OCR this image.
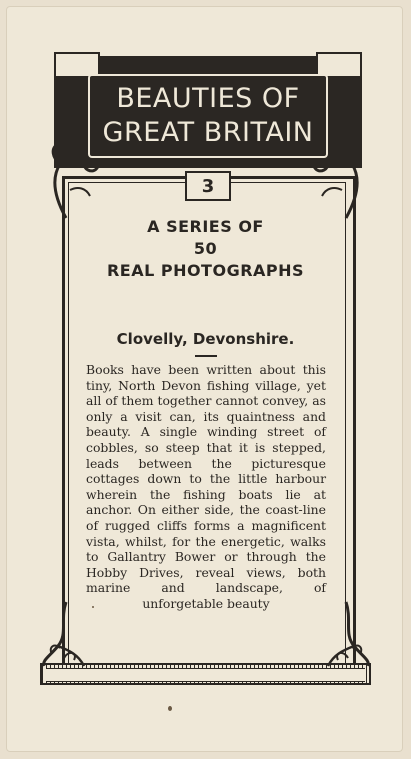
BEAUTIES OF
GREAT BRITAIN
3
A SERIES OF
50
REAL PHOTOGRAPHS
Clovelly, Devonshire.
Books have been written about this tiny, North Devon fishing village, yet all of them together cannot convey, as only a visit can, its quaintness and beauty. A single winding street of cobbles, so steep that it is stepped, leads between the picturesque cottages down to the little harbour wherein the fishing boats lie at anchor. On either side, the coast-line of rugged cliffs forms a magnificent vista, whilst, for the energetic, walks to Gallantry Bower or through the Hobby Drives, reveal views, both marine and landscape, of unforgetable beauty
